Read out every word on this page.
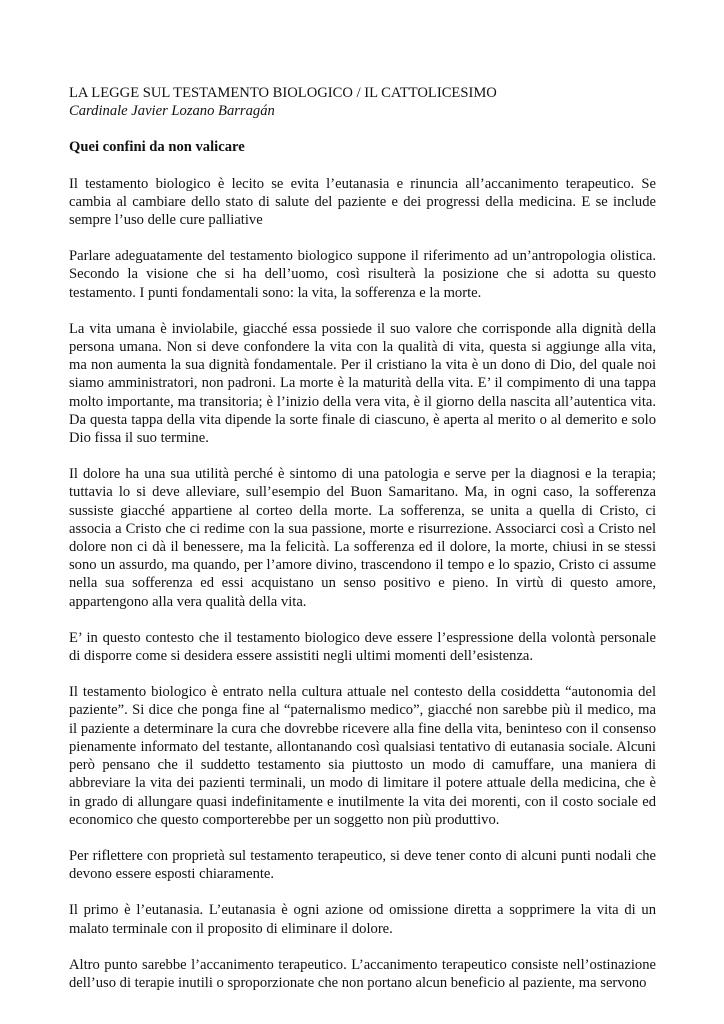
LA LEGGE SUL TESTAMENTO BIOLOGICO / IL CATTOLICESIMO
Cardinale Javier Lozano Barragán
Quei confini da non valicare

Il testamento biologico è lecito se evita l’eutanasia e rinuncia all’accanimento terapeutico. Se cambia al cambiare dello stato di salute del paziente e dei progressi della medicina. E se include sempre l’uso delle cure palliative

Parlare adeguatamente del testamento biologico suppone il riferimento ad un’antropologia olistica. Secondo la visione che si ha dell’uomo, così risulterà la posizione che si adotta su questo testamento. I punti fondamentali sono: la vita, la sofferenza e la morte.

La vita umana è inviolabile, giacché essa possiede il suo valore che corrisponde alla dignità della persona umana. Non si deve confondere la vita con la qualità di vita, questa si aggiunge alla vita, ma non aumenta la sua dignità fondamentale. Per il cristiano la vita è un dono di Dio, del quale noi siamo amministratori, non padroni. La morte è la maturità della vita. E’ il compimento di una tappa molto importante, ma transitoria; è l’inizio della vera vita, è il giorno della nascita all’autentica vita. Da questa tappa della vita dipende la sorte finale di ciascuno, è aperta al merito o al demerito e solo Dio fissa il suo termine.

Il dolore ha una sua utilità perché è sintomo di una patologia e serve per la diagnosi e la terapia; tuttavia lo si deve alleviare, sull’esempio del Buon Samaritano. Ma, in ogni caso, la sofferenza sussiste giacché appartiene al corteo della morte. La sofferenza, se unita a quella di Cristo, ci associa a Cristo che ci redime con la sua passione, morte e risurrezione. Associarci così a Cristo nel dolore non ci dà il benessere, ma la felicità. La sofferenza ed il dolore, la morte, chiusi in se stessi sono un assurdo, ma quando, per l’amore divino, trascendono il tempo e lo spazio, Cristo ci assume nella sua sofferenza ed essi acquistano un senso positivo e pieno. In virtù di questo amore, appartengono alla vera qualità della vita.

E’ in questo contesto che il testamento biologico deve essere l’espressione della volontà personale di disporre come si desidera essere assistiti negli ultimi momenti dell’esistenza.

Il testamento biologico è entrato nella cultura attuale nel contesto della cosiddetta “autonomia del paziente”. Si dice che ponga fine al “paternalismo medico”, giacché non sarebbe più il medico, ma il paziente a determinare la cura che dovrebbe ricevere alla fine della vita, beninteso con il consenso pienamente informato del testante, allontanando così qualsiasi tentativo di eutanasia sociale. Alcuni però pensano che il suddetto testamento sia piuttosto un modo di camuffare, una maniera di abbreviare la vita dei pazienti terminali, un modo di limitare il potere attuale della medicina, che è in grado di allungare quasi indefinitamente e inutilmente la vita dei morenti, con il costo sociale ed economico che questo comporterebbe per un soggetto non più produttivo.

Per riflettere con proprietà sul testamento terapeutico, si deve tener conto di alcuni punti nodali che devono essere esposti chiaramente.

Il primo è l’eutanasia. L’eutanasia è ogni azione od omissione diretta a sopprimere la vita di un malato terminale con il proposito di eliminare il dolore.

Altro punto sarebbe l’accanimento terapeutico. L’accanimento terapeutico consiste nell’ostinazione dell’uso di terapie inutili o sproporzionate che non portano alcun beneficio al paziente, ma servono
